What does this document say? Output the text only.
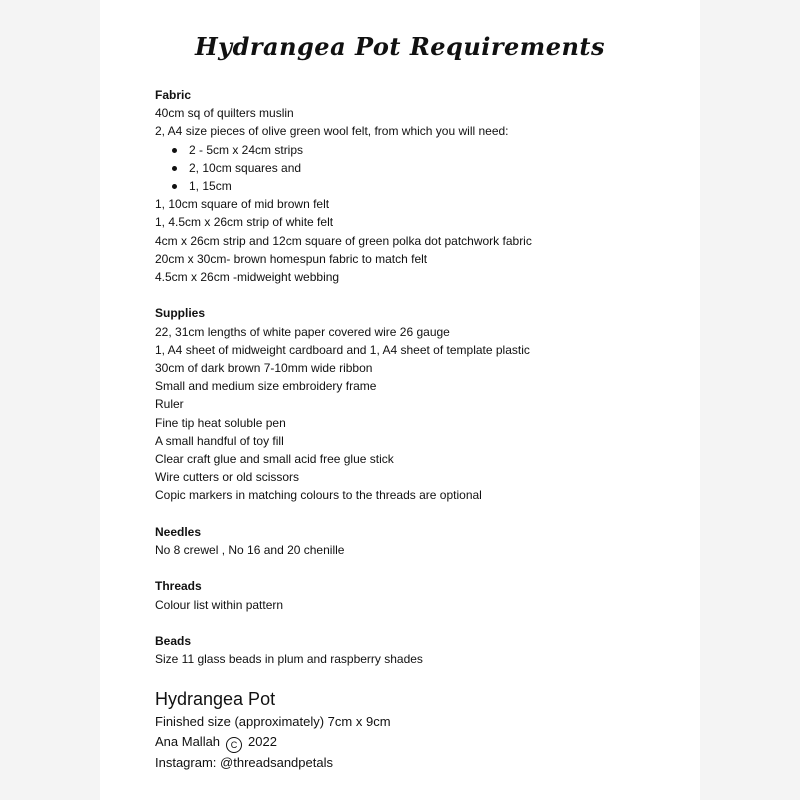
Hydrangea Pot Requirements
Fabric
40cm sq of quilters muslin
2, A4 size pieces of olive green wool felt, from which you will need:
2 - 5cm x 24cm strips
2, 10cm squares and
1, 15cm
1, 10cm square of mid brown felt
1, 4.5cm x 26cm strip of white felt
4cm x 26cm strip and 12cm square of green polka dot patchwork fabric
20cm x 30cm- brown homespun fabric to match felt
4.5cm x 26cm -midweight webbing
Supplies
22, 31cm lengths of white paper covered wire 26 gauge
1, A4 sheet of midweight cardboard and 1, A4 sheet of template plastic
30cm of dark brown 7-10mm wide ribbon
Small and medium size embroidery frame
Ruler
Fine tip heat soluble pen
A small handful of toy fill
Clear craft glue and small acid free glue stick
Wire cutters or old scissors
Copic markers in matching colours to the threads are optional
Needles
No 8 crewel , No 16 and 20 chenille
Threads
Colour list within pattern
Beads
Size 11 glass beads in plum and raspberry shades
Hydrangea Pot
Finished size (approximately) 7cm x 9cm
Ana Mallah C 2022
Instagram: @threadsandpetals
